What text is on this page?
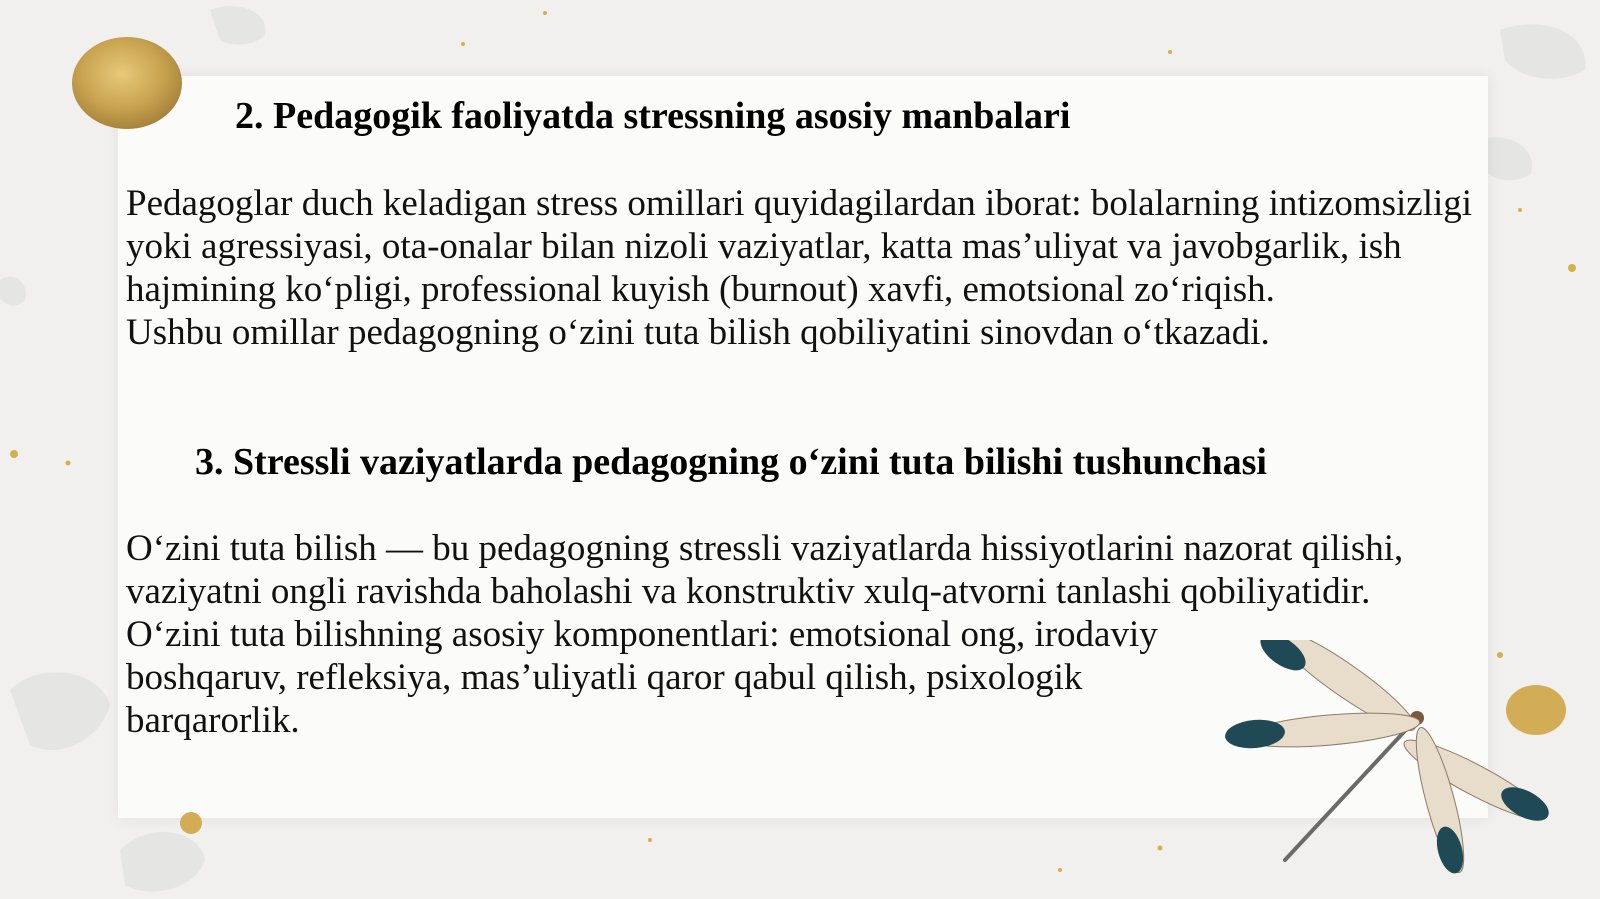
2. Pedagogik faoliyatda stressning asosiy manbalari

Pedagoglar duch keladigan stress omillari quyidagilardan iborat: bolalarning intizomsizligi yoki agressiyasi, ota-onalar bilan nizoli vaziyatlar, katta mas’uliyat va javobgarlik, ish hajmining ko‘pligi, professional kuyish (burnout) xavfi, emotsional zo‘riqish.

Ushbu omillar pedagogning o‘zini tuta bilish qobiliyatini sinovdan o‘tkazadi.

3. Stressli vaziyatlarda pedagogning o‘zini tuta bilishi tushunchasi

O‘zini tuta bilish — bu pedagogning stressli vaziyatlarda hissiyotlarini nazorat qilishi, vaziyatni ongli ravishda baholashi va konstruktiv xulq-atvorni tanlashi qobiliyatidir.

O‘zini tuta bilishning asosiy komponentlari: emotsional ong, irodaviy boshqaruv, refleksiya, mas’uliyatli qaror qabul qilish, psixologik barqarorlik.
